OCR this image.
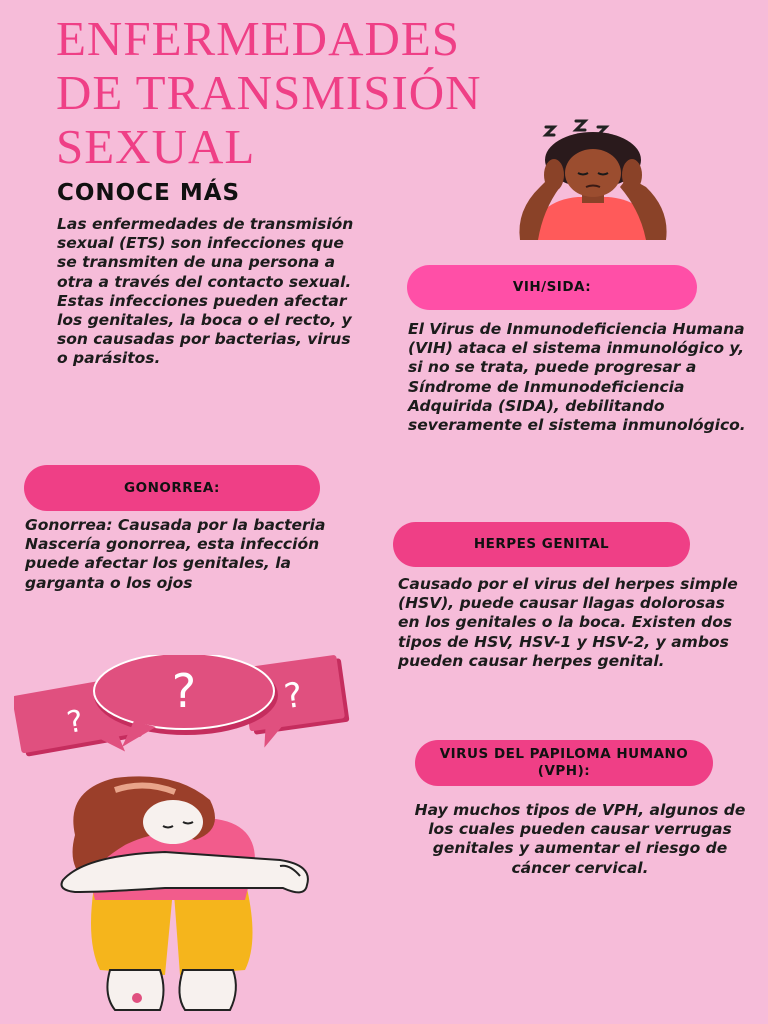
ENFERMEDADES
DE TRANSMISIÓN
SEXUAL
CONOCE MÁS

Las enfermedades de transmisión sexual (ETS) son infecciones que se transmiten de una persona a otra a través del contacto sexual. Estas infecciones pueden afectar los genitales, la boca o el recto, y son causadas por bacterias, virus o parásitos.

VIH/SIDA:

El Virus de Inmunodeficiencia Humana (VIH) ataca el sistema inmunológico y, si no se trata, puede progresar a Síndrome de Inmunodeficiencia Adquirida (SIDA), debilitando severamente el sistema inmunológico.

GONORREA:

Gonorrea: Causada por la bacteria Nascería gonorrea, esta infección puede afectar los genitales, la garganta o los ojos

HERPES GENITAL

Causado por el virus del herpes simple (HSV), puede causar llagas dolorosas en los genitales o la boca. Existen dos tipos de HSV, HSV-1 y HSV-2, y ambos pueden causar herpes genital.

VIRUS DEL PAPILOMA HUMANO (VPH):

Hay muchos tipos de VPH, algunos de los cuales pueden causar verrugas genitales y aumentar el riesgo de cáncer cervical.

?
?
?
